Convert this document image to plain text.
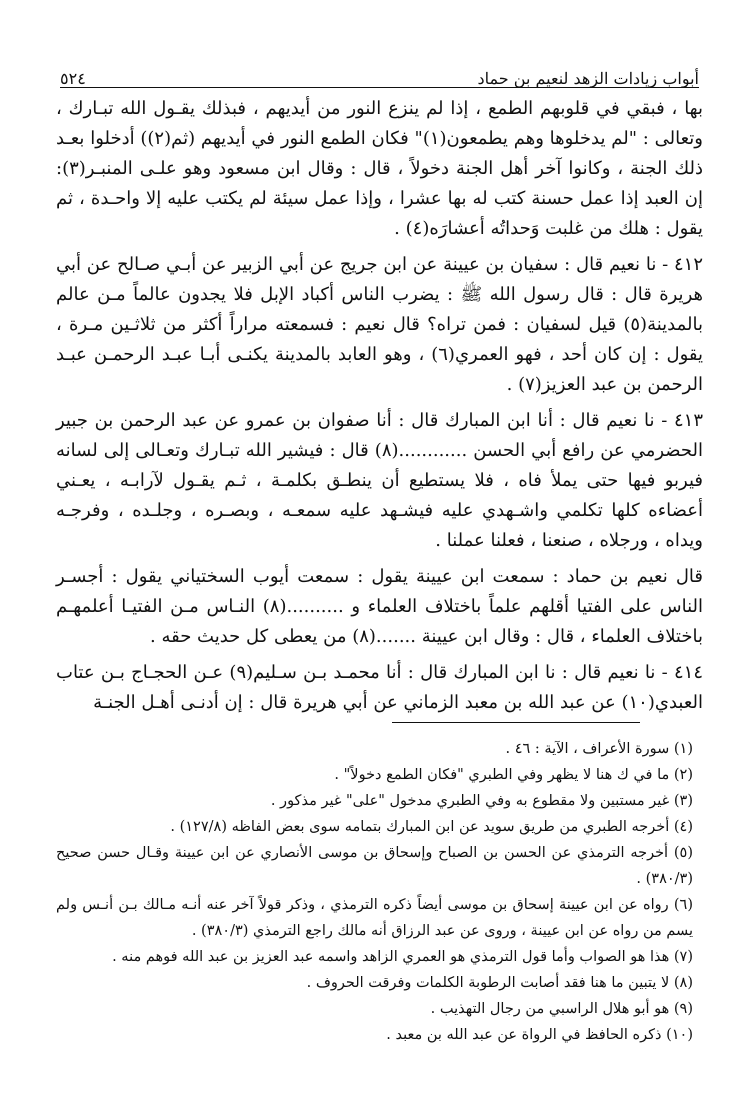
أبواب زيادات الزهد لنعيم بن حماد
٥٢٤

بها ، فبقي في قلوبهم الطمع ، إذا لم ينزع النور من أيديهم ، فبذلك يقـول الله تبـارك ، وتعالى : "لم يدخلوها وهم يطمعون(١)" فكان الطمع النور في أيديهم (ثم(٢)) أدخلوا بعـد ذلك الجنة ، وكانوا آخر أهل الجنة دخولاً ، قال : وقال ابن مسعود وهو علـى المنبـر(٣): إن العبد إذا عمل حسنة كتب له بها عشرا ، وإذا عمل سيئة لم يكتب عليه إلا واحـدة ، ثم يقول : هلك من غلبت وَحداتُه أعشارَه(٤) .

٤١٢ - نا نعيم قال : سفيان بن عيينة عن ابن جريج عن أبي الزبير عن أبـي صـالح عن أبي هريرة قال : قال رسول الله ﷺ : يضرب الناس أكباد الإبل فلا يجدون عالماً مـن عالم بالمدينة(٥) قيل لسفيان : فمن تراه؟ قال نعيم : فسمعته مراراً أكثر من ثلاثـين مـرة ، يقول : إن كان أحد ، فهو العمري(٦) ، وهو العابد بالمدينة يكنـى أبـا عبـد الرحمـن عبـد الرحمن بن عبد العزيز(٧) .

٤١٣ - نا نعيم قال : أنا ابن المبارك قال : أنا صفوان بن عمرو عن عبد الرحمن بن جبير الحضرمي عن رافع أبي الحسن ............(٨) قال : فيشير الله تبـارك وتعـالى إلى لسانه فيربو فيها حتى يملأ فاه ، فلا يستطيع أن ينطـق بكلمـة ، ثـم يقـول لآرابـه ، يعـني أعضاءه كلها تكلمي واشـهدي عليه فيشـهد عليه سمعـه ، وبصـره ، وجلـده ، وفرجـه ويداه ، ورجلاه ، صنعنا ، فعلنا عملنا .

قال نعيم بن حماد : سمعت ابن عيينة يقول : سمعت أيوب السختياني يقول : أجسـر الناس على الفتيا أقلهم علماً باختلاف العلماء و ..........(٨) النـاس مـن الفتيـا أعلمهـم باختلاف العلماء ، قال : وقال ابن عيينة .......(٨) من يعطى كل حديث حقه .

٤١٤ - نا نعيم قال : نا ابن المبارك قال : أنا محمـد بـن سـليم(٩) عـن الحجـاج بـن عتاب العبدي(١٠) عن عبد الله بن معبد الزماني عن أبي هريرة قال : إن أدنـى أهـل الجنـة

(١) سورة الأعراف ، الآية : ٤٦ .

(٢) ما في ك هنا لا يظهر وفي الطبري "فكان الطمع دخولاً" .

(٣) غير مستبين ولا مقطوع به وفي الطبري مدخول "على" غير مذكور .

(٤) أخرجه الطبري من طريق سويد عن ابن المبارك بتمامه سوى بعض الفاظه (١٢٧/٨) .

(٥) أخرجه الترمذي عن الحسن بن الصباح وإسحاق بن موسى الأنصاري عن ابن عيينة وقـال حسن صحيح (٣٨٠/٣) .

(٦) رواه عن ابن عيينة إسحاق بن موسى أيضاً ذكره الترمذي ، وذكر قولاً آخر عنه أنـه مـالك بـن أنـس ولم يسم من رواه عن ابن عيينة ، وروى عن عبد الرزاق أنه مالك راجع الترمذي (٣٨٠/٣) .

(٧) هذا هو الصواب وأما قول الترمذي هو العمري الزاهد واسمه عبد العزيز بن عبد الله فوهم منه .

(٨) لا يتبين ما هنا فقد أصابت الرطوبة الكلمات وفرقت الحروف .

(٩) هو أبو هلال الراسبي من رجال التهذيب .

(١٠) ذكره الحافظ في الرواة عن عبد الله بن معبد .
